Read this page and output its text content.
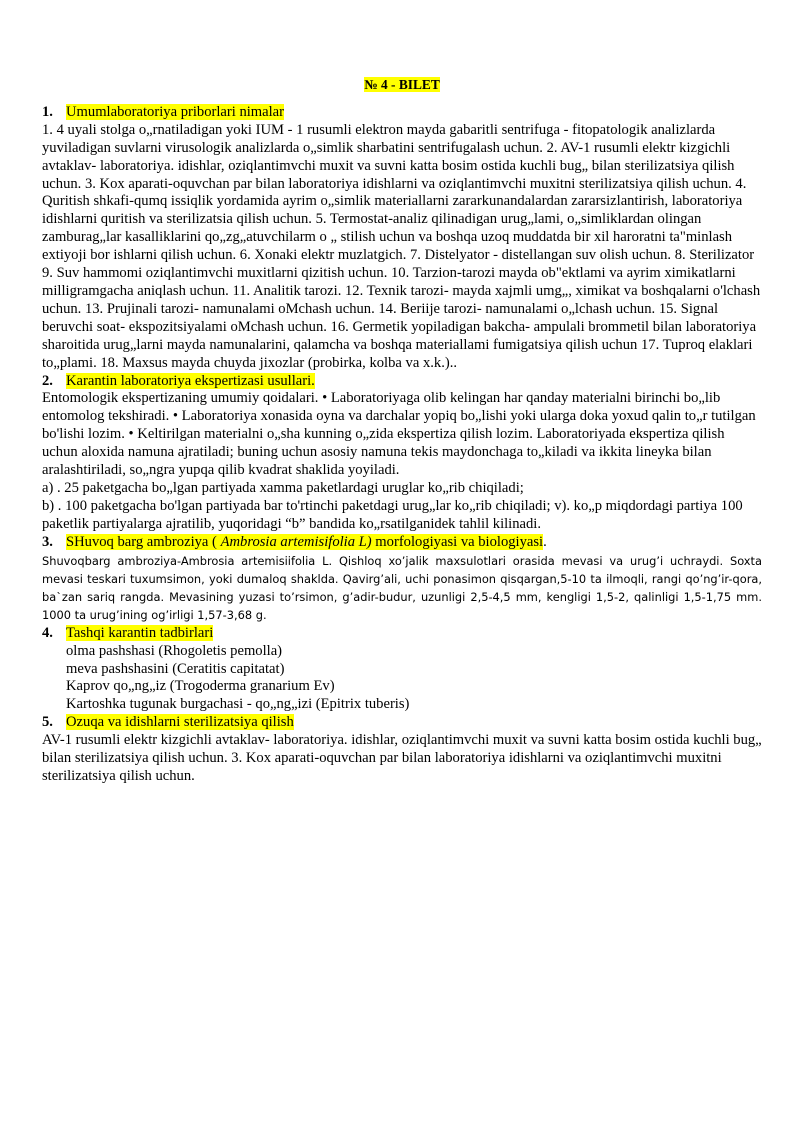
№ 4 - BILET
1. Umumlaboratoriya priborlari nimalar

1. 4 uyali stolga o„rnatiladigan yoki IUM - 1 rusumli elektron mayda gabaritli sentrifuga - fitopatologik analizlarda yuviladigan suvlarni virusologik analizlarda o„simlik sharbatini sentrifugalash uchun. 2. AV-1 rusumli elektr kizgichli avtaklav- laboratoriya. idishlar, oziqlantimvchi muxit va suvni katta bosim ostida kuchli bug„ bilan sterilizatsiya qilish uchun. 3. Kox aparati-oquvchan par bilan laboratoriya idishlarni va oziqlantimvchi muxitni sterilizatsiya qilish uchun. 4. Quritish shkafi-qumq issiqlik yordamida ayrim o„simlik materiallarni zararkunandalardan zararsizlantirish, laboratoriya idishlarni quritish va sterilizatsia qilish uchun. 5. Termostat-analiz qilinadigan urug„lami, o„simliklardan olingan zamburag„lar kasalliklarini qo„zg„atuvchilarm o „ stilish uchun va boshqa uzoq muddatda bir xil haroratni ta"minlash extiyoji bor ishlarni qilish uchun. 6. Xonaki elektr muzlatgich. 7. Distelyator - distellangan suv olish uchun. 8. Sterilizator 9. Suv hammomi oziqlantimvchi muxitlarni qizitish uchun. 10. Tarzion-tarozi mayda ob"ektlami va ayrim ximikatlarni milligramgacha aniqlash uchun. 11. Analitik tarozi. 12. Texnik tarozi- mayda xajmli umg„, ximikat va boshqalarni o'lchash uchun. 13. Prujinali tarozi- namunalami oMchash uchun. 14. Beriije tarozi- namunalami o„lchash uchun. 15. Signal beruvchi soat- ekspozitsiyalami oMchash uchun. 16. Germetik yopiladigan bakcha- ampulali brommetil bilan laboratoriya sharoitida urug„larni mayda namunalarini, qalamcha va boshqa materiallami fumigatsiya qilish uchun 17. Tuproq elaklari to„plami. 18. Maxsus mayda chuyda jixozlar (probirka, kolba va x.k.)..

2. Karantin laboratoriya ekspertizasi usullari.

Entomologik ekspertizaning umumiy qoidalari. • Laboratoriyaga olib kelingan har qanday materialni birinchi bo„lib entomolog tekshiradi. • Laboratoriya xonasida oyna va darchalar yopiq bo„lishi yoki ularga doka yoxud qalin to„r tutilgan bo'lishi lozim. • Keltirilgan materialni o„sha kunning o„zida ekspertiza qilish lozim. Laboratoriyada ekspertiza qilish uchun aloxida namuna ajratiladi; buning uchun asosiy namuna tekis maydonchaga to„kiladi va ikkita lineyka bilan aralashtiriladi, so„ngra yupqa qilib kvadrat shaklida yoyiladi.

a) . 25 paketgacha bo„lgan partiyada xamma paketlardagi uruglar ko„rib chiqiladi;

b) . 100 paketgacha bo'lgan partiyada bar to'rtinchi paketdagi urug„lar ko„rib chiqiladi; v). ko„p miqdordagi partiya 100 paketlik partiyalarga ajratilib, yuqoridagi “b” bandida ko„rsatilganidek tahlil kilinadi.

3. SHuvoq barg ambroziya ( Ambrosia artemisifolia L) morfologiyasi va biologiyasi.

Shuvoqbarg ambroziya-Ambrosia artemisiifolia L. Qishloq xo’jalik maxsulotlari orasida mevasi va urug’i uchraydi. Soxta mevasi teskari tuxumsimon, yoki dumaloq shaklda. Qavirg’ali, uchi ponasimon qisqargan,5-10 ta ilmoqli, rangi qo’ng’ir-qora, ba`zan sariq rangda. Mevasining yuzasi to’rsimon, g’adir-budur, uzunligi 2,5-4,5 mm, kengligi 1,5-2, qalinligi 1,5-1,75 mm. 1000 ta urug’ining og’irligi 1,57-3,68 g.

4. Tashqi karantin tadbirlari

olma pashshasi (Rhogoletis pemolla)

meva pashshasini (Ceratitis capitatat)

Kaprov qo„ng„iz (Trogoderma granarium Ev)

Kartoshka tugunak burgachasi - qo„ng„izi (Epitrix tuberis)

5. Ozuqa va idishlarni sterilizatsiya qilish

AV-1 rusumli elektr kizgichli avtaklav- laboratoriya. idishlar, oziqlantimvchi muxit va suvni katta bosim ostida kuchli bug„ bilan sterilizatsiya qilish uchun. 3. Kox aparati-oquvchan par bilan laboratoriya idishlarni va oziqlantimvchi muxitni sterilizatsiya qilish uchun.
